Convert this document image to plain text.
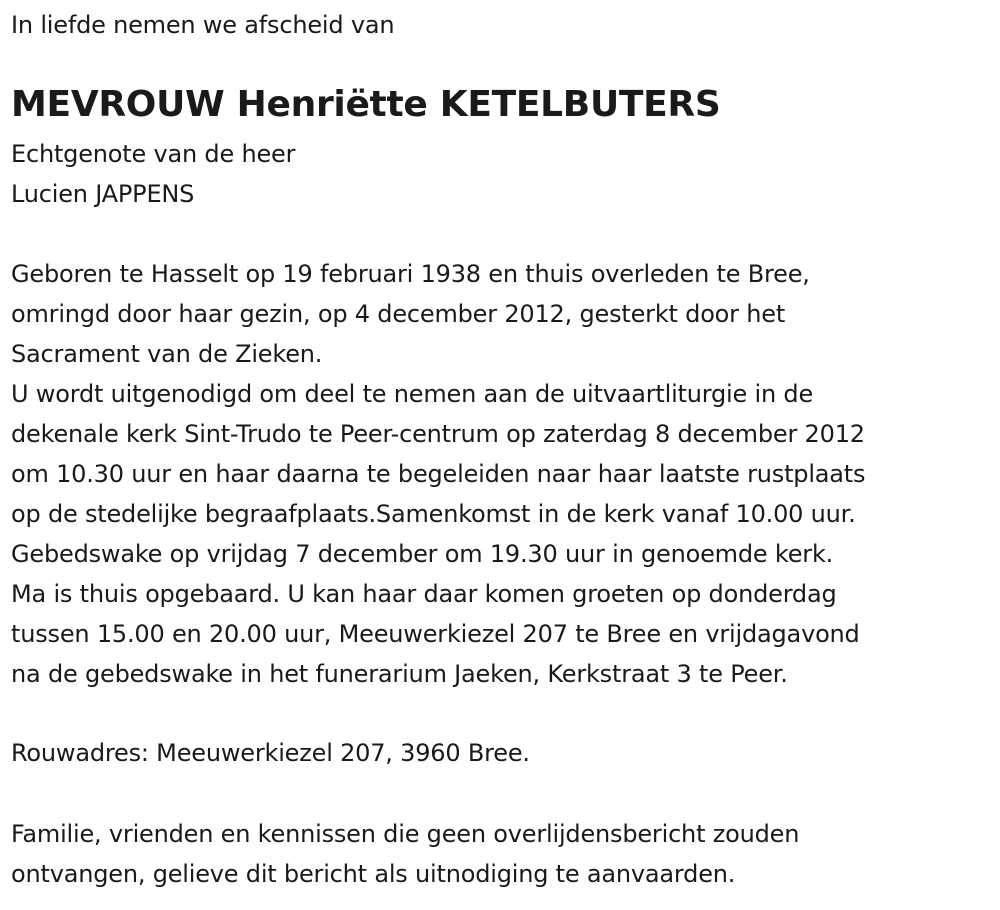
In liefde nemen we afscheid van
MEVROUW Henriëtte KETELBUTERS
Echtgenote van de heer
Lucien JAPPENS
Geboren te Hasselt op 19 februari 1938 en thuis overleden te Bree,
omringd door haar gezin, op 4 december 2012, gesterkt door het
Sacrament van de Zieken.
U wordt uitgenodigd om deel te nemen aan de uitvaartliturgie in de
dekenale kerk Sint-Trudo te Peer-centrum op zaterdag 8 december 2012
om 10.30 uur en haar daarna te begeleiden naar haar laatste rustplaats
op de stedelijke begraafplaats.Samenkomst in de kerk vanaf 10.00 uur.
Gebedswake op vrijdag 7 december om 19.30 uur in genoemde kerk.
Ma is thuis opgebaard. U kan haar daar komen groeten op donderdag
tussen 15.00 en 20.00 uur, Meeuwerkiezel 207 te Bree en vrijdagavond
na de gebedswake in het funerarium Jaeken, Kerkstraat 3 te Peer.
Rouwadres: Meeuwerkiezel 207, 3960 Bree.
Familie, vrienden en kennissen die geen overlijdensbericht zouden
ontvangen, gelieve dit bericht als uitnodiging te aanvaarden.
